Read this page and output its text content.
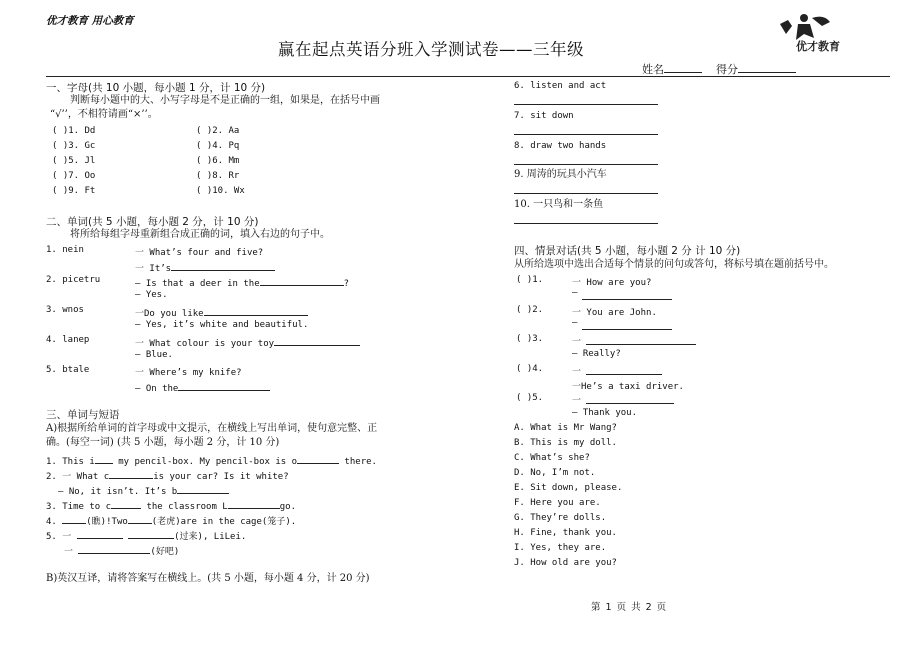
优才教育 用心教育
优才教育
赢在起点英语分班入学测试卷——三年级
姓名	得分
一、字母(共 10 小题，每小题 1 分，计 10 分)
判断每小题中的大、小写字母是不是正确的一组，如果是，在括号中画
“√’’，不相符请画“×’’。
( )1. Dd	( )2. Aa
( )3. Gc	( )4. Pq
( )5. Jl	( )6. Mm
( )7. Oo	( )8. Rr
( )9. Ft	( )10. Wx
二、单词(共 5 小题，每小题 2 分，计 10 分)
将所给每组字母重新组合成正确的词，填入右边的句子中。
1. nein	一 What’s four and five?
一 It’s
2. picetru	— Is that a deer in the	?
— Yes.
3. wnos	一Do you like
— Yes, it’s white and beautiful.
4. lanep	一 What colour is your toy
— Blue.
5. btale	一 Where’s my knife?
— On the
三、单词与短语
A)根据所给单词的首字母或中文提示，在横线上写出单词，使句意完整、正
确。(每空一词) (共 5 小题，每小题 2 分，计 10 分)
1. This i my pencil-box. My pencil-box is o	there.
2. 一 What c	is your car? Is it white?
— No, it isn’t. It’s b
3. Time to c	the classroom L	go.
4.	(瞧)!Two	(老虎)are in the cage(笼子).
5. 一	(过来), LiLei.
一	(好吧)
B)英汉互译，请将答案写在横线上。(共 5 小题，每小题 4 分，计 20 分)
6. listen and act
7. sit down
8. draw two hands
9. 周涛的玩具小汽车
10. 一只鸟和一条鱼
四、情景对话(共 5 小题，每小题 2 分 计 10 分)
从所给选项中选出合适每个情景的问句或答句，将标号填在题前括号中。
( )1.	一 How are you?
—
( )2.	一 You are John.
—
( )3.	一
— Really?
( )4.	一
一He’s a taxi driver.
( )5.	一
— Thank you.
A. What is Mr Wang?
B. This is my doll.
C. What’s she?
D. No, I’m not.
E. Sit down, please.
F. Here you are.
G. They’re dolls.
H. Fine, thank you.
I. Yes, they are.
J. How old are you?
第 1 页 共 2 页
